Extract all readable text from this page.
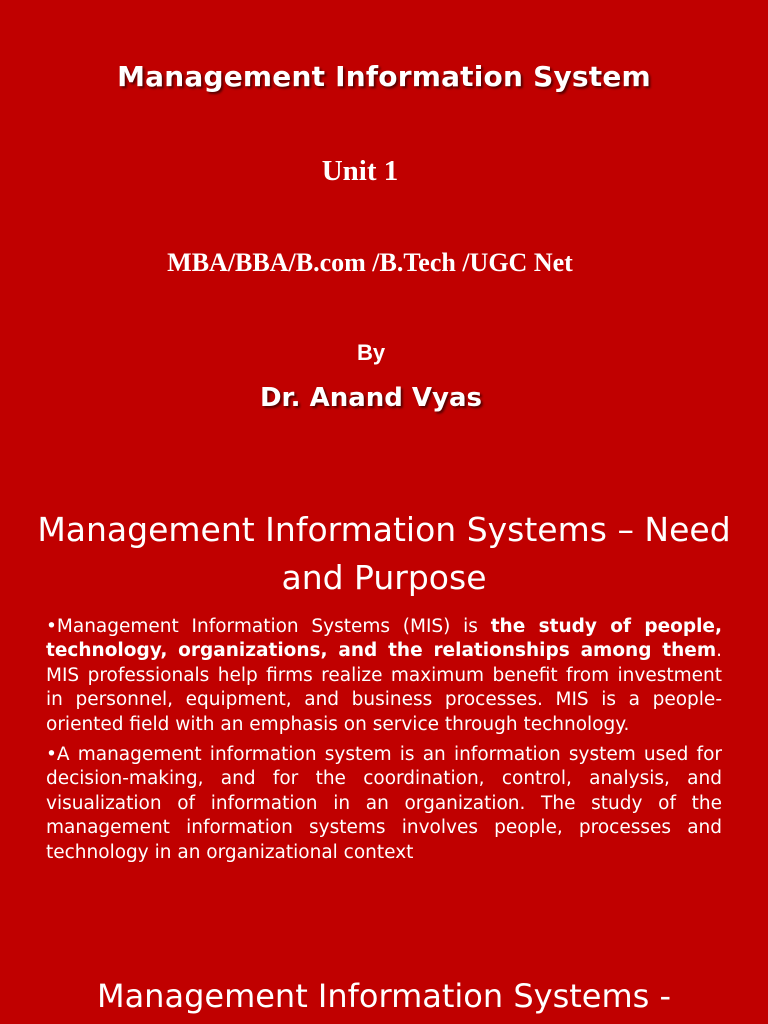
Management Information System
Unit 1
MBA/BBA/B.com /B.Tech /UGC Net
By
Dr. Anand Vyas
Management Information Systems – Need and Purpose

•Management Information Systems (MIS) is the study of people, technology, organizations, and the relationships among them. MIS professionals help firms realize maximum benefit from investment in personnel, equipment, and business processes. MIS is a people-oriented field with an emphasis on service through technology.

•A management information system is an information system used for decision-making, and for the coordination, control, analysis, and visualization of information in an organization. The study of the management information systems involves people, processes and technology in an organizational context

Management Information Systems -
